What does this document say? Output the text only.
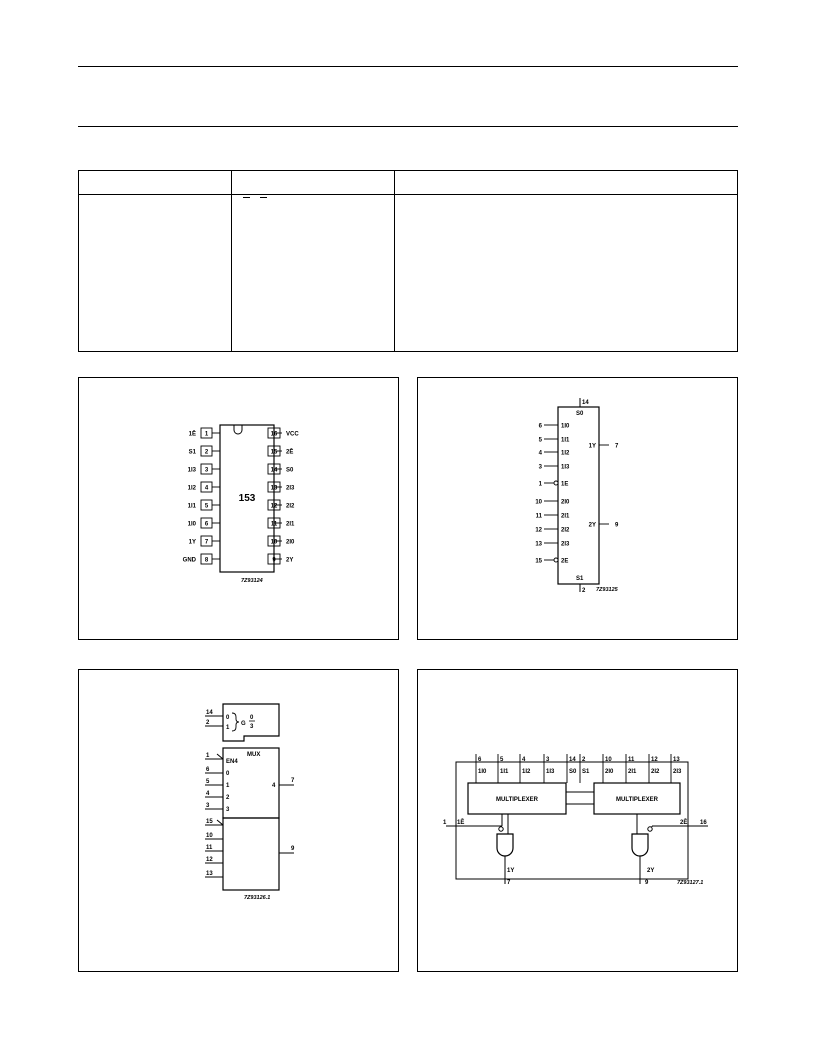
153
7Z93124
1
1Ē
2
S1
3
1I3
4
1I2
5
1I1
6
1I0
7
1Y
8
GND
16 VCC
15 2Ē
14 S0
13 2I3
12 2I2
11 2I1
10 2I0
9 2Y
14
S0
S1
2 7Z93125
6	1I0
5	1I1
4	1I2
3	1I3
1	1E
10	2I0
11	2I1
12	2I2
13	2I3
15	2E
1Y	7
2Y	9
14
2
0
1
G
0
3
MUX
EN4
1
6
5
4
3
0
1
2
3
4
7
15
10
11
12
13
9
7Z93126.1
MULTIPLEXER	MULTIPLEXER
1 1Ē	16
2Ē
1Y
7
2Y
9	7Z93127.1
6
1I0
5
1I1
4
1I2
3
1I3
14
S0
2
S1
10
2I0
11
2I1
12
2I2
13
2I3
